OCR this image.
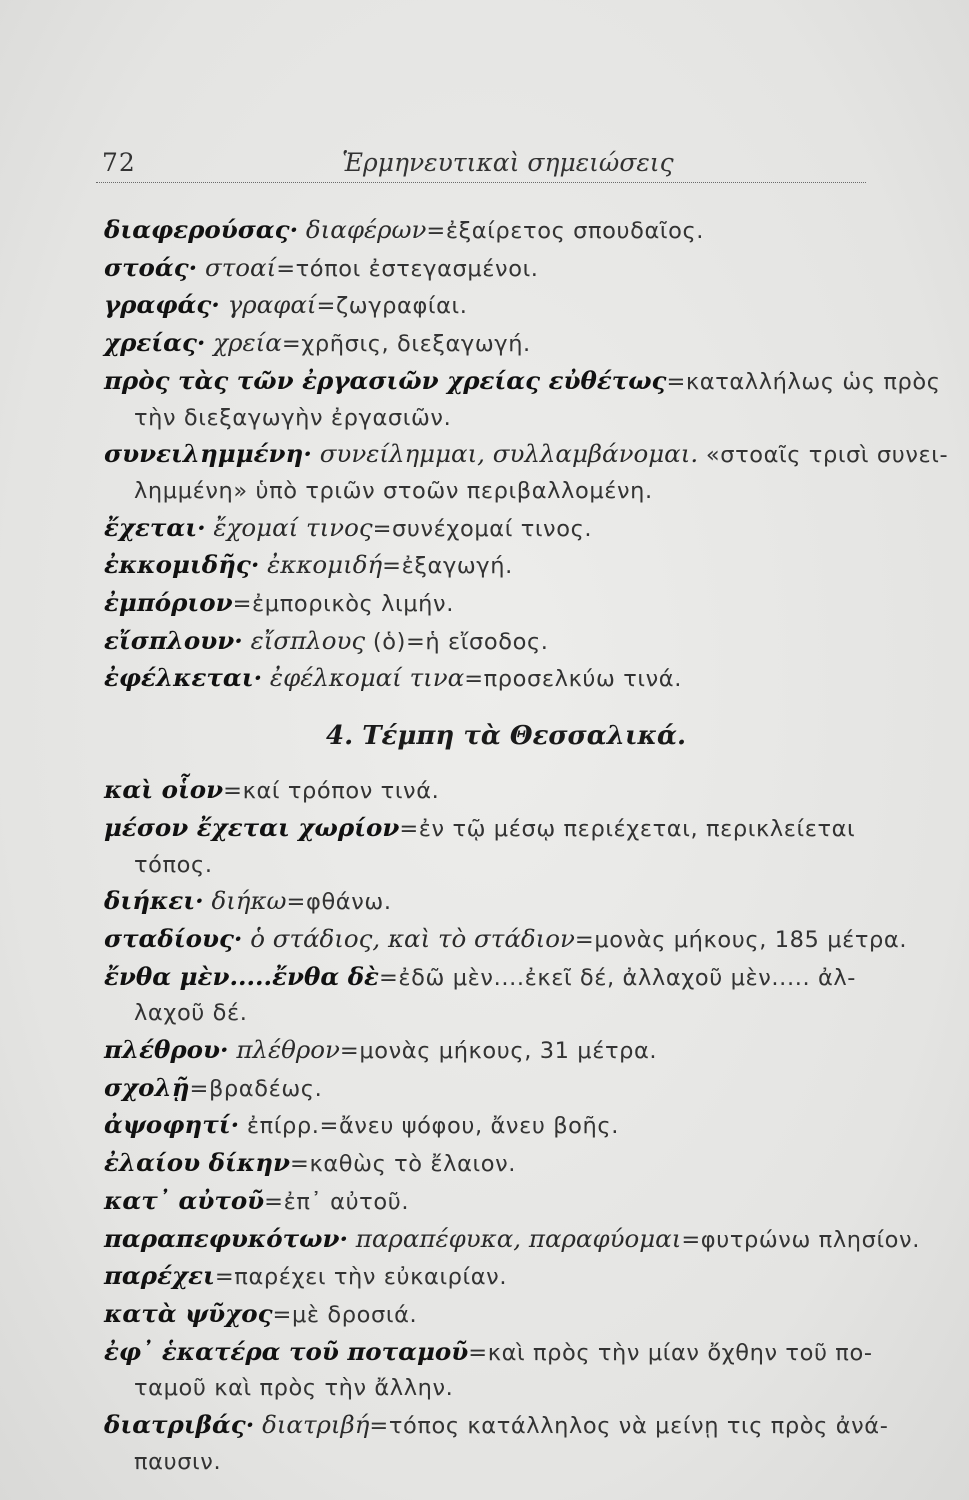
72	Ἑρμηνευτικαὶ σημειώσεις
διαφερούσας· διαφέρων=ἐξαίρετος σπουδαῖος.
στοάς· στοαί=τόποι ἐστεγασμένοι.
γραφάς· γραφαί=ζωγραφίαι.
χρείας· χρεία=χρῆσις, διεξαγωγή.
πρὸς τὰς τῶν ἐργασιῶν χρείας εὐθέτως=καταλλήλως ὡς πρὸς
τὴν διεξαγωγὴν ἐργασιῶν.
συνειλημμένη· συνείλημμαι, συλλαμβάνομαι. «στοαῖς τρισὶ συνει-
λημμένη» ὑπὸ τριῶν στοῶν περιβαλλομένη.
ἔχεται· ἔχομαί τινος=συνέχομαί τινος.
ἐκκομιδῆς· ἐκκομιδή=ἐξαγωγή.
ἐμπόριον=ἐμπορικὸς λιμήν.
εἴσπλουν· εἴσπλους (ὁ)=ἡ εἴσοδος.
ἐφέλκεται· ἐφέλκομαί τινα=προσελκύω τινά.
4. Τέμπη τὰ Θεσσαλικά.
καὶ οἷον=καί τρόπον τινά.
μέσον ἔχεται χωρίον=ἐν τῷ μέσῳ περιέχεται, περικλείεται
τόπος.
διήκει· διήκω=φθάνω.
σταδίους· ὁ στάδιος, καὶ τὸ στάδιον=μονὰς μήκους, 185 μέτρα.
ἔνθα μὲν.....ἔνθα δὲ=ἐδῶ μὲν....ἐκεῖ δέ, ἀλλαχοῦ μὲν..... ἀλ-
λαχοῦ δέ.
πλέθρου· πλέθρον=μονὰς μήκους, 31 μέτρα.
σχολῇ=βραδέως.
ἀψοφητί· ἐπίρρ.=ἄνευ ψόφου, ἄνευ βοῆς.
ἐλαίου δίκην=καθὼς τὸ ἔλαιον.
κατ᾽ αὐτοῦ=ἐπ᾽ αὐτοῦ.
παραπεφυκότων· παραπέφυκα, παραφύομαι=φυτρώνω πλησίον.
παρέχει=παρέχει τὴν εὐκαιρίαν.
κατὰ ψῦχος=μὲ δροσιά.
ἐφ᾽ ἑκατέρα τοῦ ποταμοῦ=καὶ πρὸς τὴν μίαν ὄχθην τοῦ πο-
ταμοῦ καὶ πρὸς τὴν ἄλλην.
διατριβάς· διατριβή=τόπος κατάλληλος νὰ μείνῃ τις πρὸς ἀνά-
παυσιν.
